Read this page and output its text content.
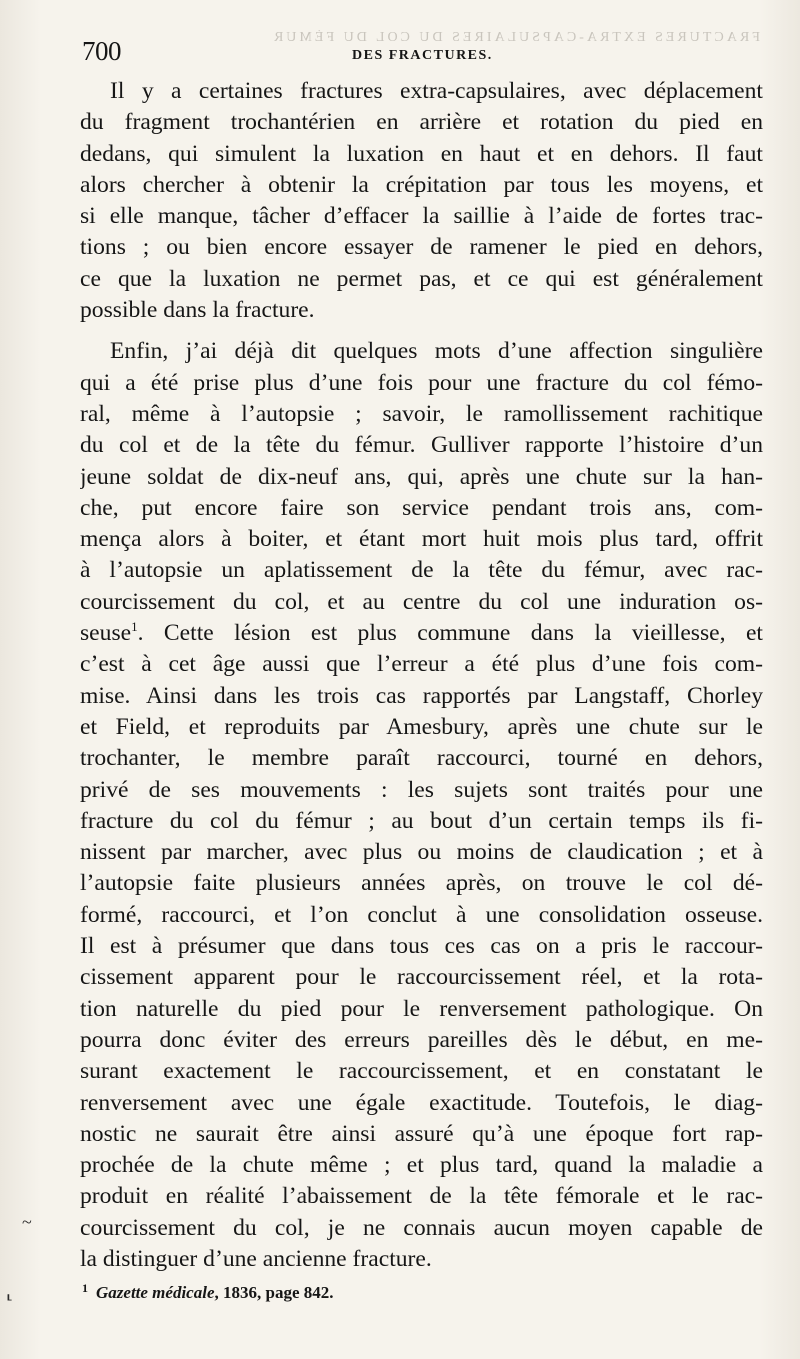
FRACTURES EXTRA-CAPSULAIRES DU COL DU FÉMUR
700	DES FRACTURES.
Il y a certaines fractures extra-capsulaires, avec déplacement
du fragment trochantérien en arrière et rotation du pied en
dedans, qui simulent la luxation en haut et en dehors. Il faut
alors chercher à obtenir la crépitation par tous les moyens, et
si elle manque, tâcher d’effacer la saillie à l’aide de fortes trac-
tions ; ou bien encore essayer de ramener le pied en dehors,
ce que la luxation ne permet pas, et ce qui est généralement
possible dans la fracture.
Enfin, j’ai déjà dit quelques mots d’une affection singulière
qui a été prise plus d’une fois pour une fracture du col fémo-
ral, même à l’autopsie ; savoir, le ramollissement rachitique
du col et de la tête du fémur. Gulliver rapporte l’histoire d’un
jeune soldat de dix-neuf ans, qui, après une chute sur la han-
che, put encore faire son service pendant trois ans, com-
mença alors à boiter, et étant mort huit mois plus tard, offrit
à l’autopsie un aplatissement de la tête du fémur, avec rac-
courcissement du col, et au centre du col une induration os-
seuse$^1$. Cette lésion est plus commune dans la vieillesse, et
c’est à cet âge aussi que l’erreur a été plus d’une fois com-
mise. Ainsi dans les trois cas rapportés par Langstaff, Chorley
et Field, et reproduits par Amesbury, après une chute sur le
trochanter, le membre paraît raccourci, tourné en dehors,
privé de ses mouvements : les sujets sont traités pour une
fracture du col du fémur ; au bout d’un certain temps ils fi-
nissent par marcher, avec plus ou moins de claudication ; et à
l’autopsie faite plusieurs années après, on trouve le col dé-
formé, raccourci, et l’on conclut à une consolidation osseuse.
Il est à présumer que dans tous ces cas on a pris le raccour-
cissement apparent pour le raccourcissement réel, et la rota-
tion naturelle du pied pour le renversement pathologique. On
pourra donc éviter des erreurs pareilles dès le début, en me-
surant exactement le raccourcissement, et en constatant le
renversement avec une égale exactitude. Toutefois, le diag-
nostic ne saurait être ainsi assuré qu’à une époque fort rap-
prochée de la chute même ; et plus tard, quand la maladie a
produit en réalité l’abaissement de la tête fémorale et le rac-
courcissement du col, je ne connais aucun moyen capable de
la distinguer d’une ancienne fracture.
$^1$ Gazette médicale, 1836, page 842.
~
⸤
